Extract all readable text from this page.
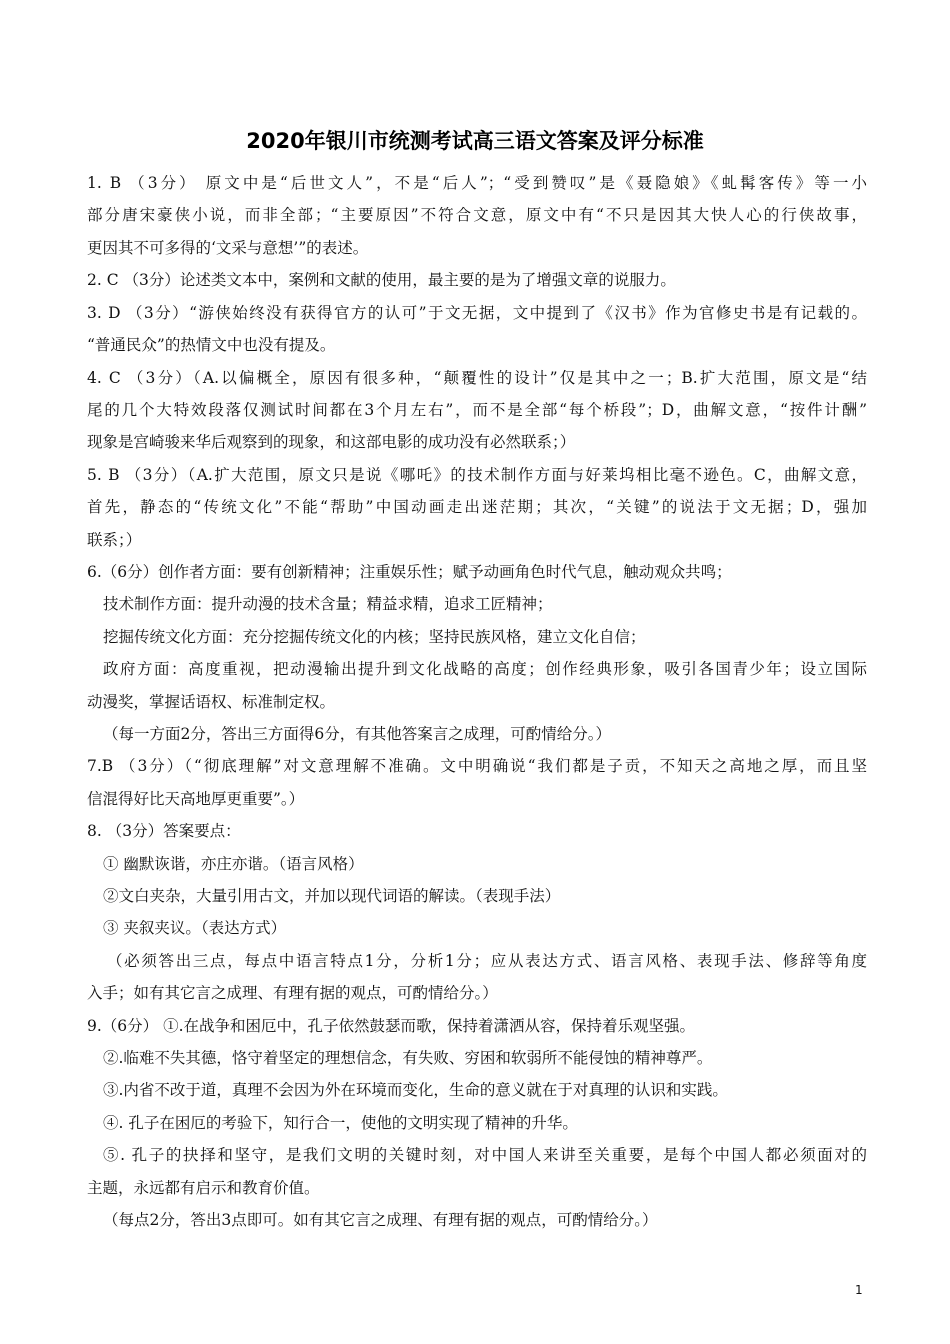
2020年银川市统测考试高三语文答案及评分标准
1. B （3分） 原文中是“后世文人”，不是“后人”；“受到赞叹”是《聂隐娘》《虬髯客传》等一小
部分唐宋豪侠小说，而非全部；“主要原因”不符合文意，原文中有“不只是因其大快人心的行侠故事，
更因其不可多得的‘文采与意想’”的表述。
2. C （3分）论述类文本中，案例和文献的使用，最主要的是为了增强文章的说服力。
3. D （3分）“游侠始终没有获得官方的认可”于文无据，文中提到了《汉书》作为官修史书是有记载的。
“普通民众”的热情文中也没有提及。
4. C （3分）（A.以偏概全，原因有很多种，“颠覆性的设计”仅是其中之一；B.扩大范围，原文是“结
尾的几个大特效段落仅测试时间都在3个月左右”，而不是全部“每个桥段”；D，曲解文意，“按件计酬”
现象是宫崎骏来华后观察到的现象，和这部电影的成功没有必然联系；）
5. B （3分）（A.扩大范围，原文只是说《哪吒》的技术制作方面与好莱坞相比毫不逊色。C，曲解文意，
首先，静态的“传统文化”不能“帮助”中国动画走出迷茫期；其次，“关键”的说法于文无据；D，强加
联系；）
6.（6分）创作者方面：要有创新精神；注重娱乐性；赋予动画角色时代气息，触动观众共鸣；
技术制作方面：提升动漫的技术含量；精益求精，追求工匠精神；
挖掘传统文化方面：充分挖掘传统文化的内核；坚持民族风格，建立文化自信；
政府方面：高度重视，把动漫输出提升到文化战略的高度；创作经典形象，吸引各国青少年；设立国际
动漫奖，掌握话语权、标准制定权。
（每一方面2分，答出三方面得6分，有其他答案言之成理，可酌情给分。）
7.B （3分）（“彻底理解”对文意理解不准确。文中明确说“我们都是子贡，不知天之高地之厚，而且坚
信混得好比天高地厚更重要”。）
8. （3分）答案要点：
① 幽默诙谐，亦庄亦谐。（语言风格）
②文白夹杂，大量引用古文，并加以现代词语的解读。（表现手法）
③ 夹叙夹议。（表达方式）
（必须答出三点，每点中语言特点1分，分析1分；应从表达方式、语言风格、表现手法、修辞等角度
入手；如有其它言之成理、有理有据的观点，可酌情给分。）
9.（6分） ①.在战争和困厄中，孔子依然鼓瑟而歌，保持着潇洒从容，保持着乐观坚强。
②.临难不失其德，恪守着坚定的理想信念，有失败、穷困和软弱所不能侵蚀的精神尊严。
③.内省不改于道，真理不会因为外在环境而变化，生命的意义就在于对真理的认识和实践。
④. 孔子在困厄的考验下，知行合一，使他的文明实现了精神的升华。
⑤. 孔子的抉择和坚守，是我们文明的关键时刻，对中国人来讲至关重要，是每个中国人都必须面对的
主题，永远都有启示和教育价值。
（每点2分，答出3点即可。如有其它言之成理、有理有据的观点，可酌情给分。）
1
